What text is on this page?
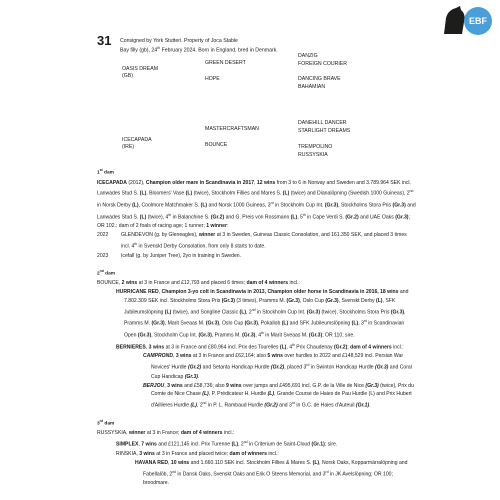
EBF
31 Consigned by York Stutteri. Property of Joca Stable
Bay filly (gb), 24th February 2024. Born in England, bred in Denmark.
OASIS DREAM
(GB)
ICECAPADA
(IRE)
GREEN DESERT
HOPE
MASTERCRAFTSMAN
BOUNCE
DANZIG
FOREIGN COURIER
DANCING BRAVE
BAHAMIAN
DANEHILL DANCER
STARLIGHT DREAMS
TREMPOLINO
RUSSYSKIA

1st dam

ICECAPADA (2012), Champion older mare in Scandinavia in 2017, 12 wins from 3 to 6 in Norway and Sweden and 3.789.964 SEK incl. Lanwades Stud S. (L), Bloomers' Vase (L) (twice), Stockholm Fillies and Mares S. (L) (twice) and Dianalöpning (Swedish 1000 Guineas), 2nd in Norsk Derby (L), Coolmore Matchmaker S. (L) and Norsk 1000 Guineas, 3rd in Stockholm Cup Int. (Gr.3), Stockholms Stora Pris (Gr.3) and Lanwades Stud S. (L) (twice), 4th in Balanchine S. (Gr.2) and G. Preis von Rossmann (L), 5th in Cape Verdi S. (Gr.2) and UAE Oaks (Gr.3); OR 102.; dam of 2 foals of racing age; 1 runner; 1 winner:

2022	GLENDEVON (g. by Gleneagles), winner at 3 in Sweden, Guineas Classic Consolation, and 161.350 SEK, and placed 3 times incl. 4th in Svenskt Derby Consolation, from only 8 starts to date.
2023	Icefall (g. by Juniper Tree), 2yo in training in Sweden.

2nd dam

BOUNCE, 2 wins at 3 in France and £12,793 and placed 6 times; dam of 4 winners incl.:

HURRICANE RED, Champion 3-yo colt in Scandinavia in 2013, Champion older horse in Scandinavia in 2016, 18 wins and 7.802.309 SEK incl. Stockholms Stora Pris (Gr.3) (3 times), Pramms M. (Gr.3), Oslo Cup (Gr.3), Svenskt Derby (L), SFK Jubileumslöpning (L) (twice), and Songline Classic (L), 2nd in Stockholm Cup Int. (Gr.3) (twice), Stockholms Stora Pris (Gr.3), Pramms M. (Gr.3), Marit Sveaas M. (Gr.3), Oslo Cup (Gr.3), Pokallob (L) and SFK Jubileumslöpning (L), 3rd in Scandinavian Open (Gr.3), Stockholm Cup Int. (Gr.3), Pramms M. (Gr.3), 4th in Marit Sveaas M. (Gr.3); OR 110; sire.

BERNIERES, 3 wins at 3 in France and £80,964 incl. Prix des Tourelles (L), 4th Prix Chaudenay (Gr.2); dam of 4 winners incl.:

CAMPROND, 3 wins at 3 in France and £62,164; also 5 wins over hurdles to 2022 and £148,529 incl. Persian War Novices' Hurdle (Gr.2) and Setanta Handicap Hurdle (Gr.2), placed 3rd in Swinton Handicap Hurdle (Gr.3) and Coral Cup Handicap (Gr.3).

BERJOU, 3 wins and £58,736; also 9 wins over jumps and £495,691 incl. G.P. de la Ville de Nice (Gr.3) (twice), Prix du Comte de Nice Chase (L), P. Prédicateur H. Hurdle (L), Grande Course de Haies de Pau Hurdle (L) and Prix Hubert d'Aillieres Hurdle (L), 2nd in P. L. Rambaud Hurdle (Gr.2) and 3rd in G.C. de Haies d'Auteuil (Gr.1).

3rd dam

RUSSYSKIA, winner at 3 in France; dam of 4 winners incl.:

SIMPLEX, 7 wins and £121,145 incl. Prix Turenne (L), 2nd in Criterium de Saint-Cloud (Gr.1); sire.

RINSKIA, 3 wins at 3 in France and placed twice; dam of winners incl.:

HAVANA RED, 10 wins and 1.660.110 SEK incl. Stockholm Fillies & Mares S. (L), Norsk Oaks, Kopparmärralöpning and Fabellalöb, 2nd in Dansk Oaks, Svenskt Oaks and Erik O Steens Memorial, and 3rd in JK Avelslöpning; OR 100; broodmare.
